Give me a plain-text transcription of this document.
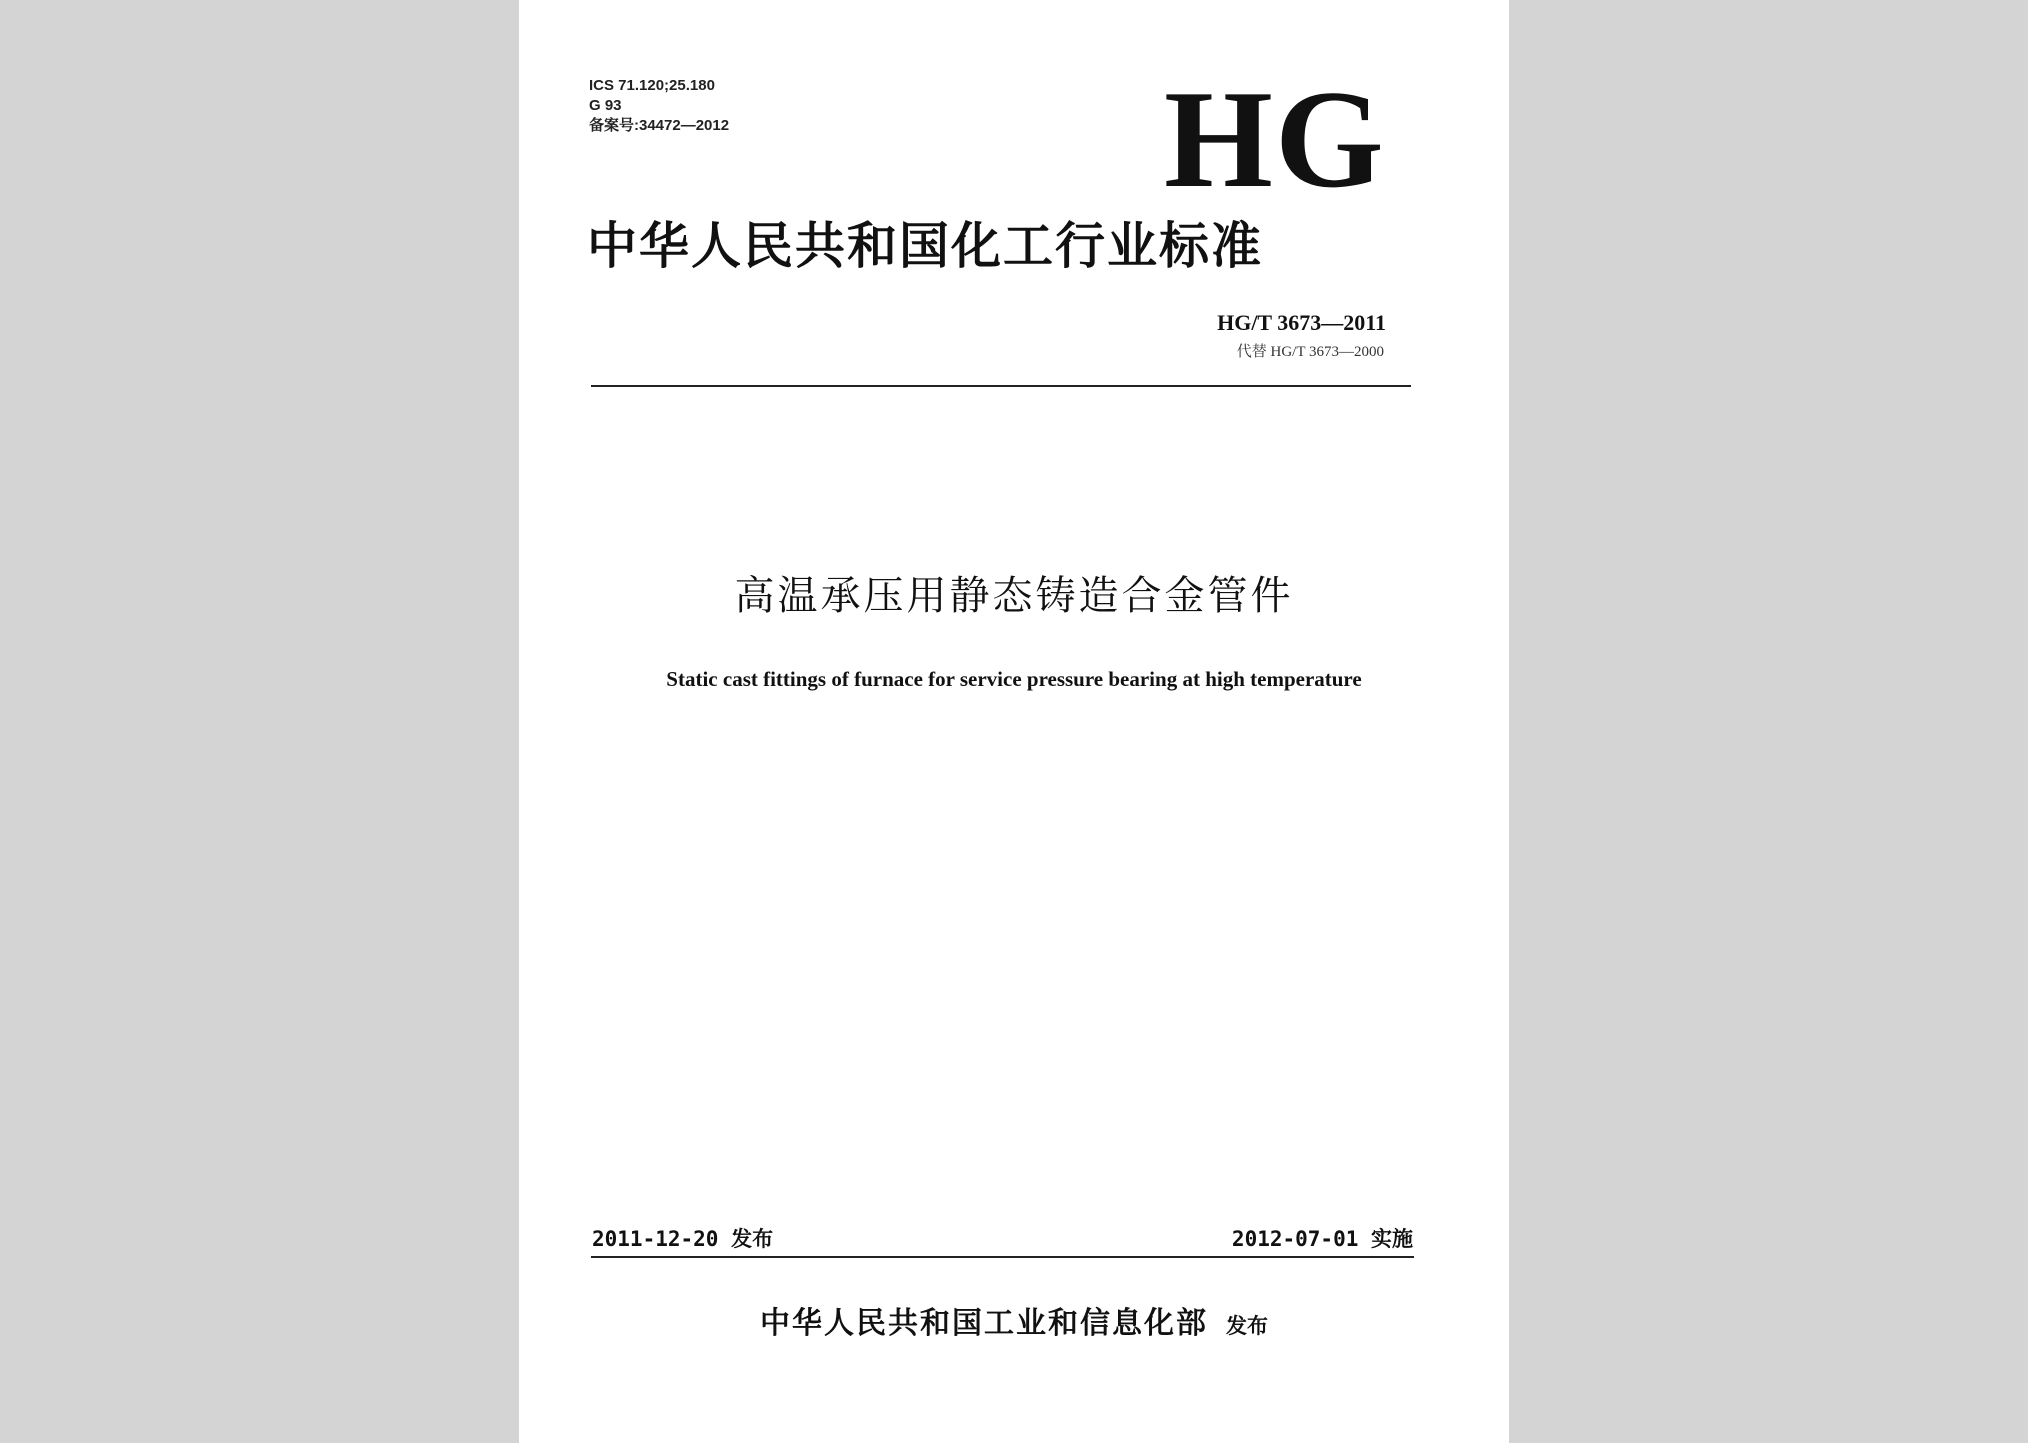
ICS 71.120;25.180
G 93
备案号:34472—2012	HG
中华人民共和国化工行业标准
HG/T 3673—2011
代替 HG/T 3673—2000
高温承压用静态铸造合金管件
Static cast fittings of furnace for service pressure bearing at high temperature
2011-12-20 发布	2012-07-01 实施
中华人民共和国工业和信息化部 发布
